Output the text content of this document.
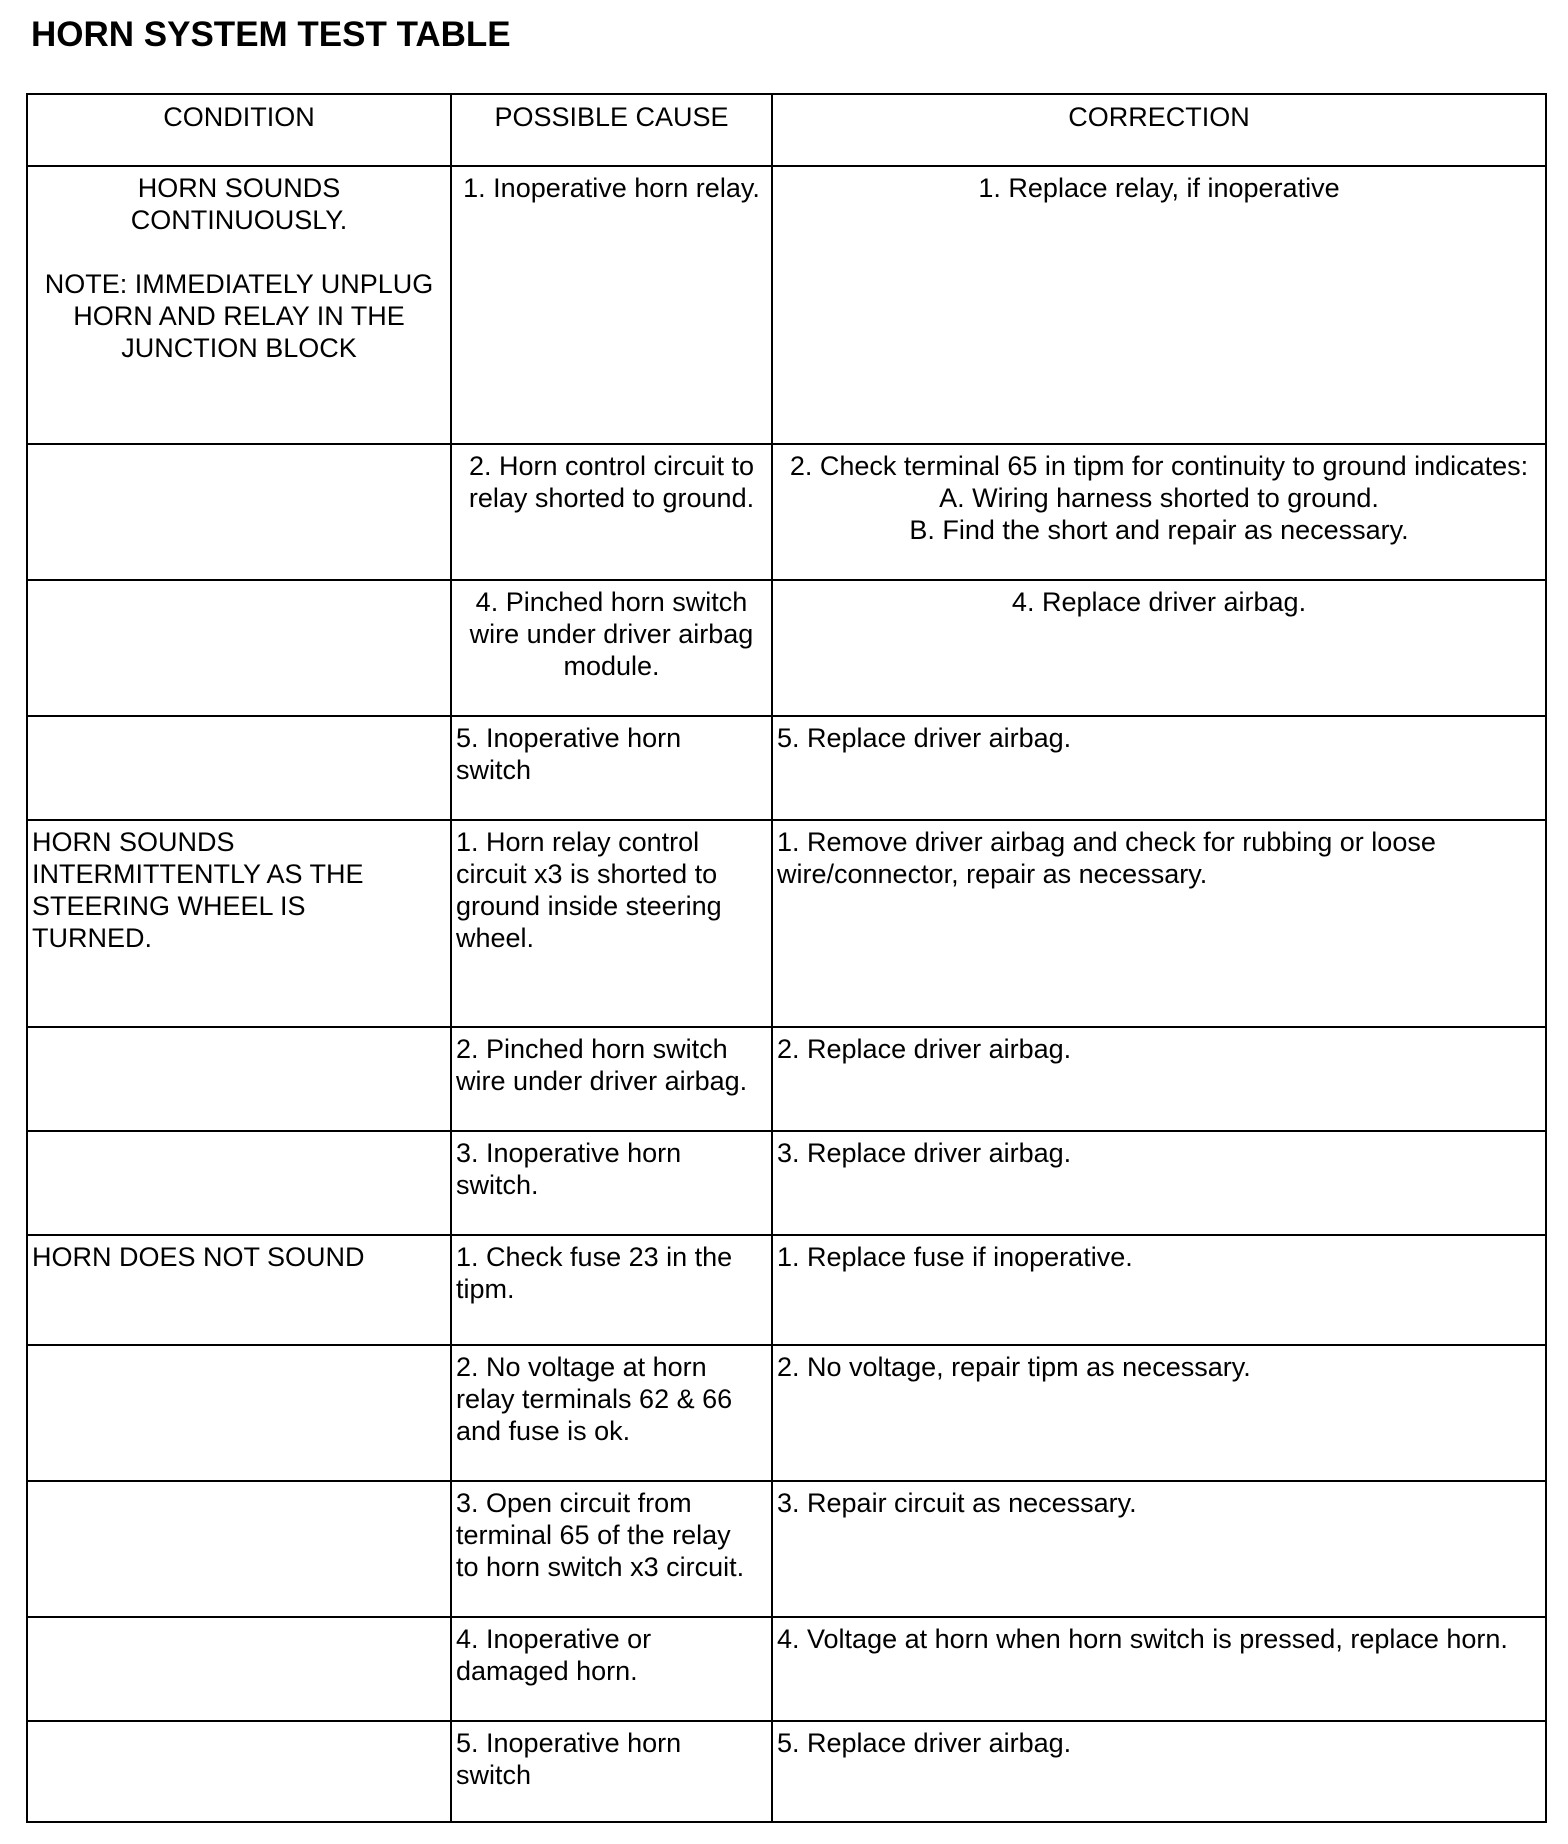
HORN SYSTEM TEST TABLE
CONDITION	POSSIBLE CAUSE	CORRECTION

HORN SOUNDS
CONTINUOUSLY.

NOTE: IMMEDIATELY UNPLUG
HORN AND RELAY IN THE
JUNCTION BLOCK	1. Inoperative horn relay.	1. Replace relay, if inoperative

	2. Horn control circuit to
relay shorted to ground.	2. Check terminal 65 in tipm for continuity to ground indicates:
A. Wiring harness shorted to ground.
B. Find the short and repair as necessary.

	4. Pinched horn switch
wire under driver airbag
module.	4. Replace driver airbag.

	5. Inoperative horn
switch	5. Replace driver airbag.

HORN SOUNDS
INTERMITTENTLY AS THE
STEERING WHEEL IS
TURNED.	1. Horn relay control
circuit x3 is shorted to
ground inside steering
wheel.	1. Remove driver airbag and check for rubbing or loose
wire/connector, repair as necessary.

	2. Pinched horn switch
wire under driver airbag.	2. Replace driver airbag.

	3. Inoperative horn
switch.	3. Replace driver airbag.

HORN DOES NOT SOUND	1. Check fuse 23 in the
tipm.	1. Replace fuse if inoperative.

	2. No voltage at horn
relay terminals 62 & 66
and fuse is ok.	2. No voltage, repair tipm as necessary.

	3. Open circuit from
terminal 65 of the relay
to horn switch x3 circuit.	3. Repair circuit as necessary.

	4. Inoperative or
damaged horn.	4. Voltage at horn when horn switch is pressed, replace horn.

	5. Inoperative horn
switch	5. Replace driver airbag.
